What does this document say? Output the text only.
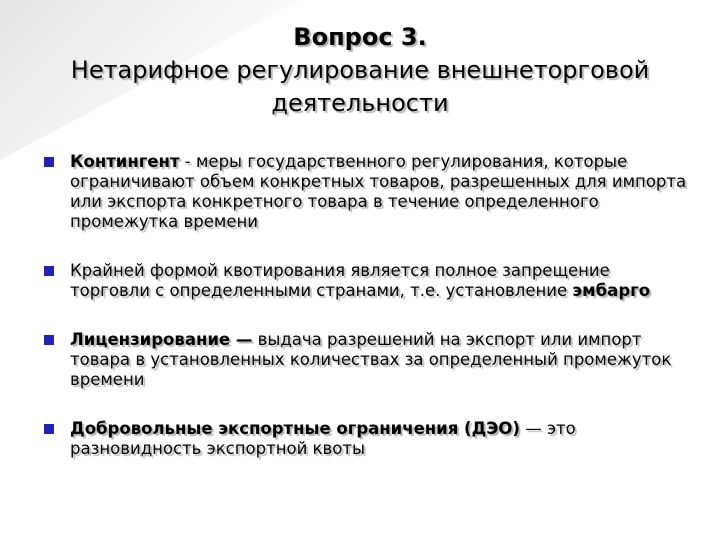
Вопрос 3.
Нетарифное регулирование внешнеторговой деятельности
Контингент - меры государственного регулирования, которые ограничивают объем конкретных товаров, разрешенных для импорта или экспорта конкретного товара в течение определенного промежутка времени
Крайней формой квотирования является полное запрещение торговли с определенными странами, т.е. установление эмбарго
Лицензирование — выдача разрешений на экспорт или импорт товара в установленных количествах за определенный промежуток времени
Добровольные экспортные ограничения (ДЭО) — это разновидность экспортной квоты
